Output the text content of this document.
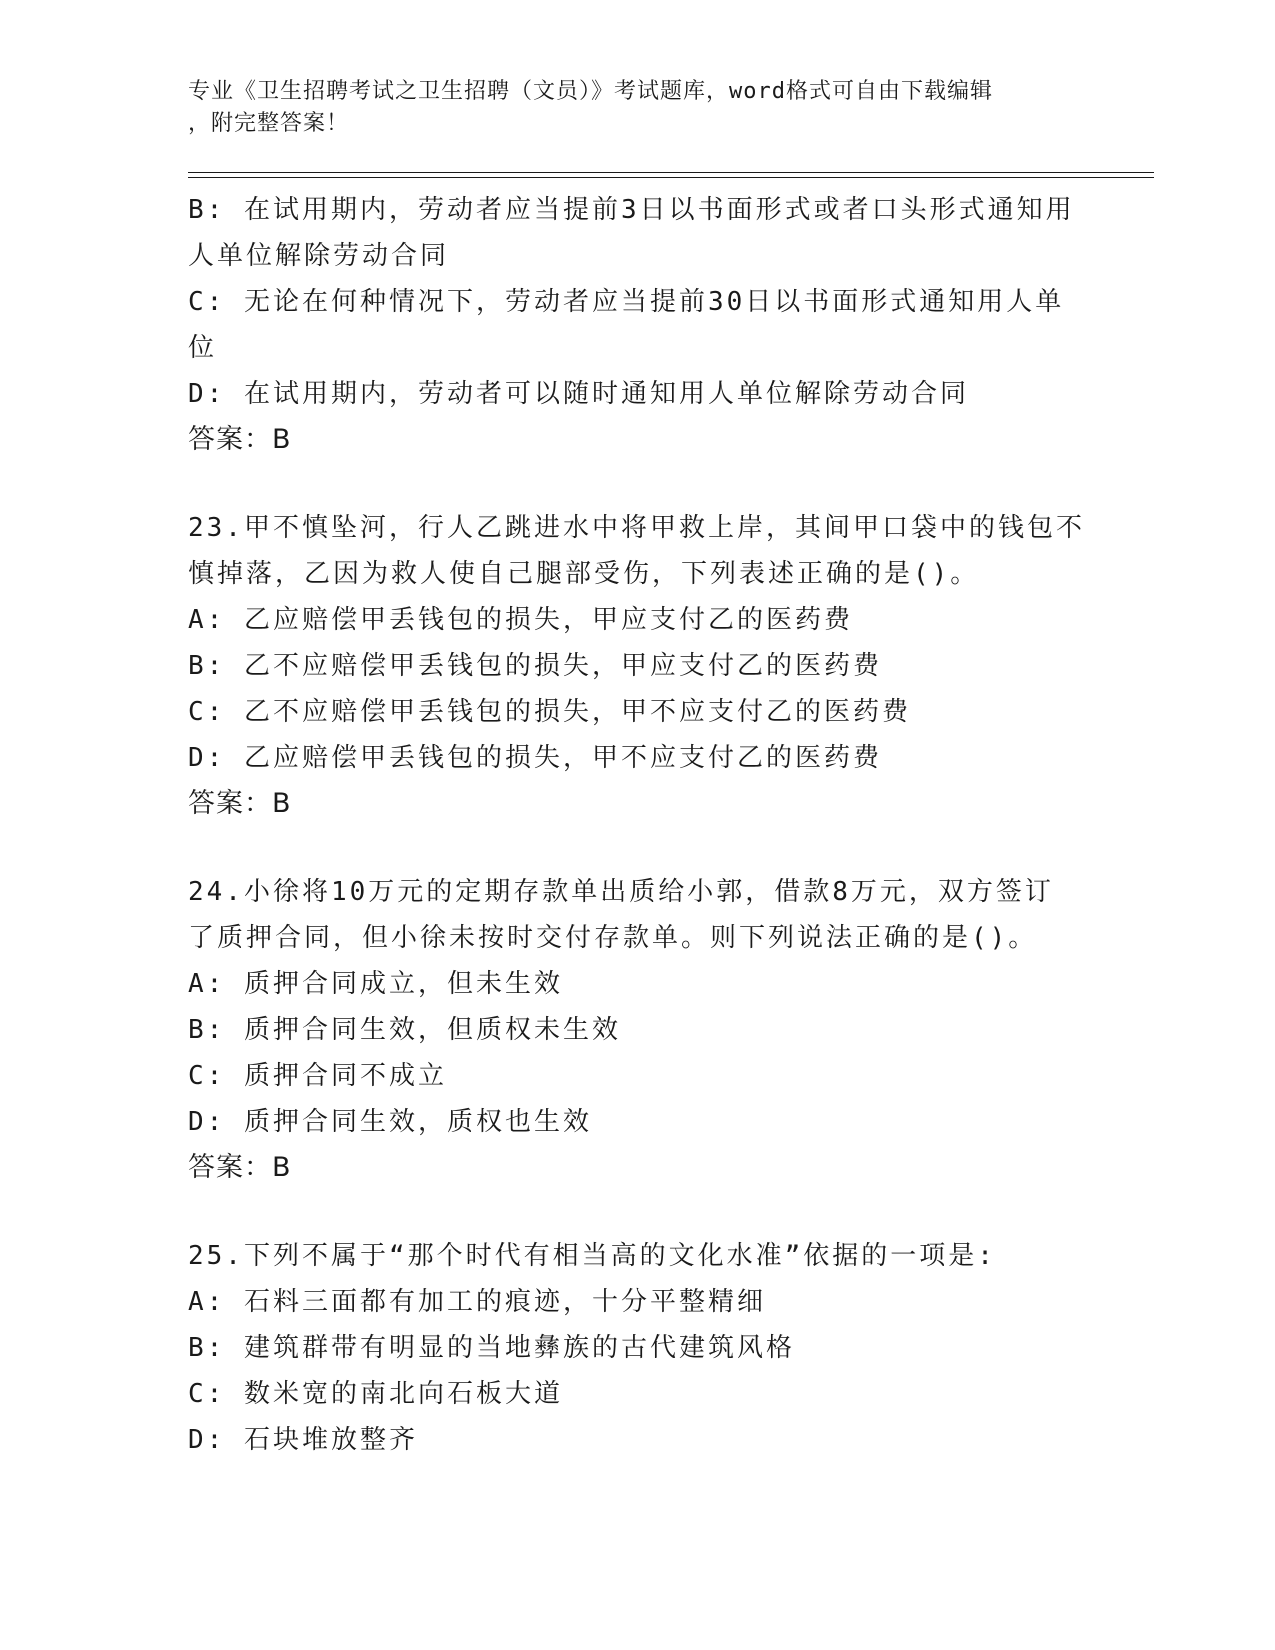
专业《卫生招聘考试之卫生招聘（文员）》考试题库，word格式可自由下载编辑
，附完整答案！
B: 在试用期内，劳动者应当提前3日以书面形式或者口头形式通知用
人单位解除劳动合同
C: 无论在何种情况下，劳动者应当提前30日以书面形式通知用人单
位
D: 在试用期内，劳动者可以随时通知用人单位解除劳动合同
答案：B
23.甲不慎坠河，行人乙跳进水中将甲救上岸，其间甲口袋中的钱包不
慎掉落，乙因为救人使自己腿部受伤，下列表述正确的是()。
A: 乙应赔偿甲丢钱包的损失，甲应支付乙的医药费
B: 乙不应赔偿甲丢钱包的损失，甲应支付乙的医药费
C: 乙不应赔偿甲丢钱包的损失，甲不应支付乙的医药费
D: 乙应赔偿甲丢钱包的损失，甲不应支付乙的医药费
答案：B
24.小徐将10万元的定期存款单出质给小郭，借款8万元，双方签订
了质押合同，但小徐未按时交付存款单。则下列说法正确的是()。
A: 质押合同成立，但未生效
B: 质押合同生效，但质权未生效
C: 质押合同不成立
D: 质押合同生效，质权也生效
答案：B
25.下列不属于“那个时代有相当高的文化水准”依据的一项是:
A: 石料三面都有加工的痕迹，十分平整精细
B: 建筑群带有明显的当地彝族的古代建筑风格
C: 数米宽的南北向石板大道
D: 石块堆放整齐
